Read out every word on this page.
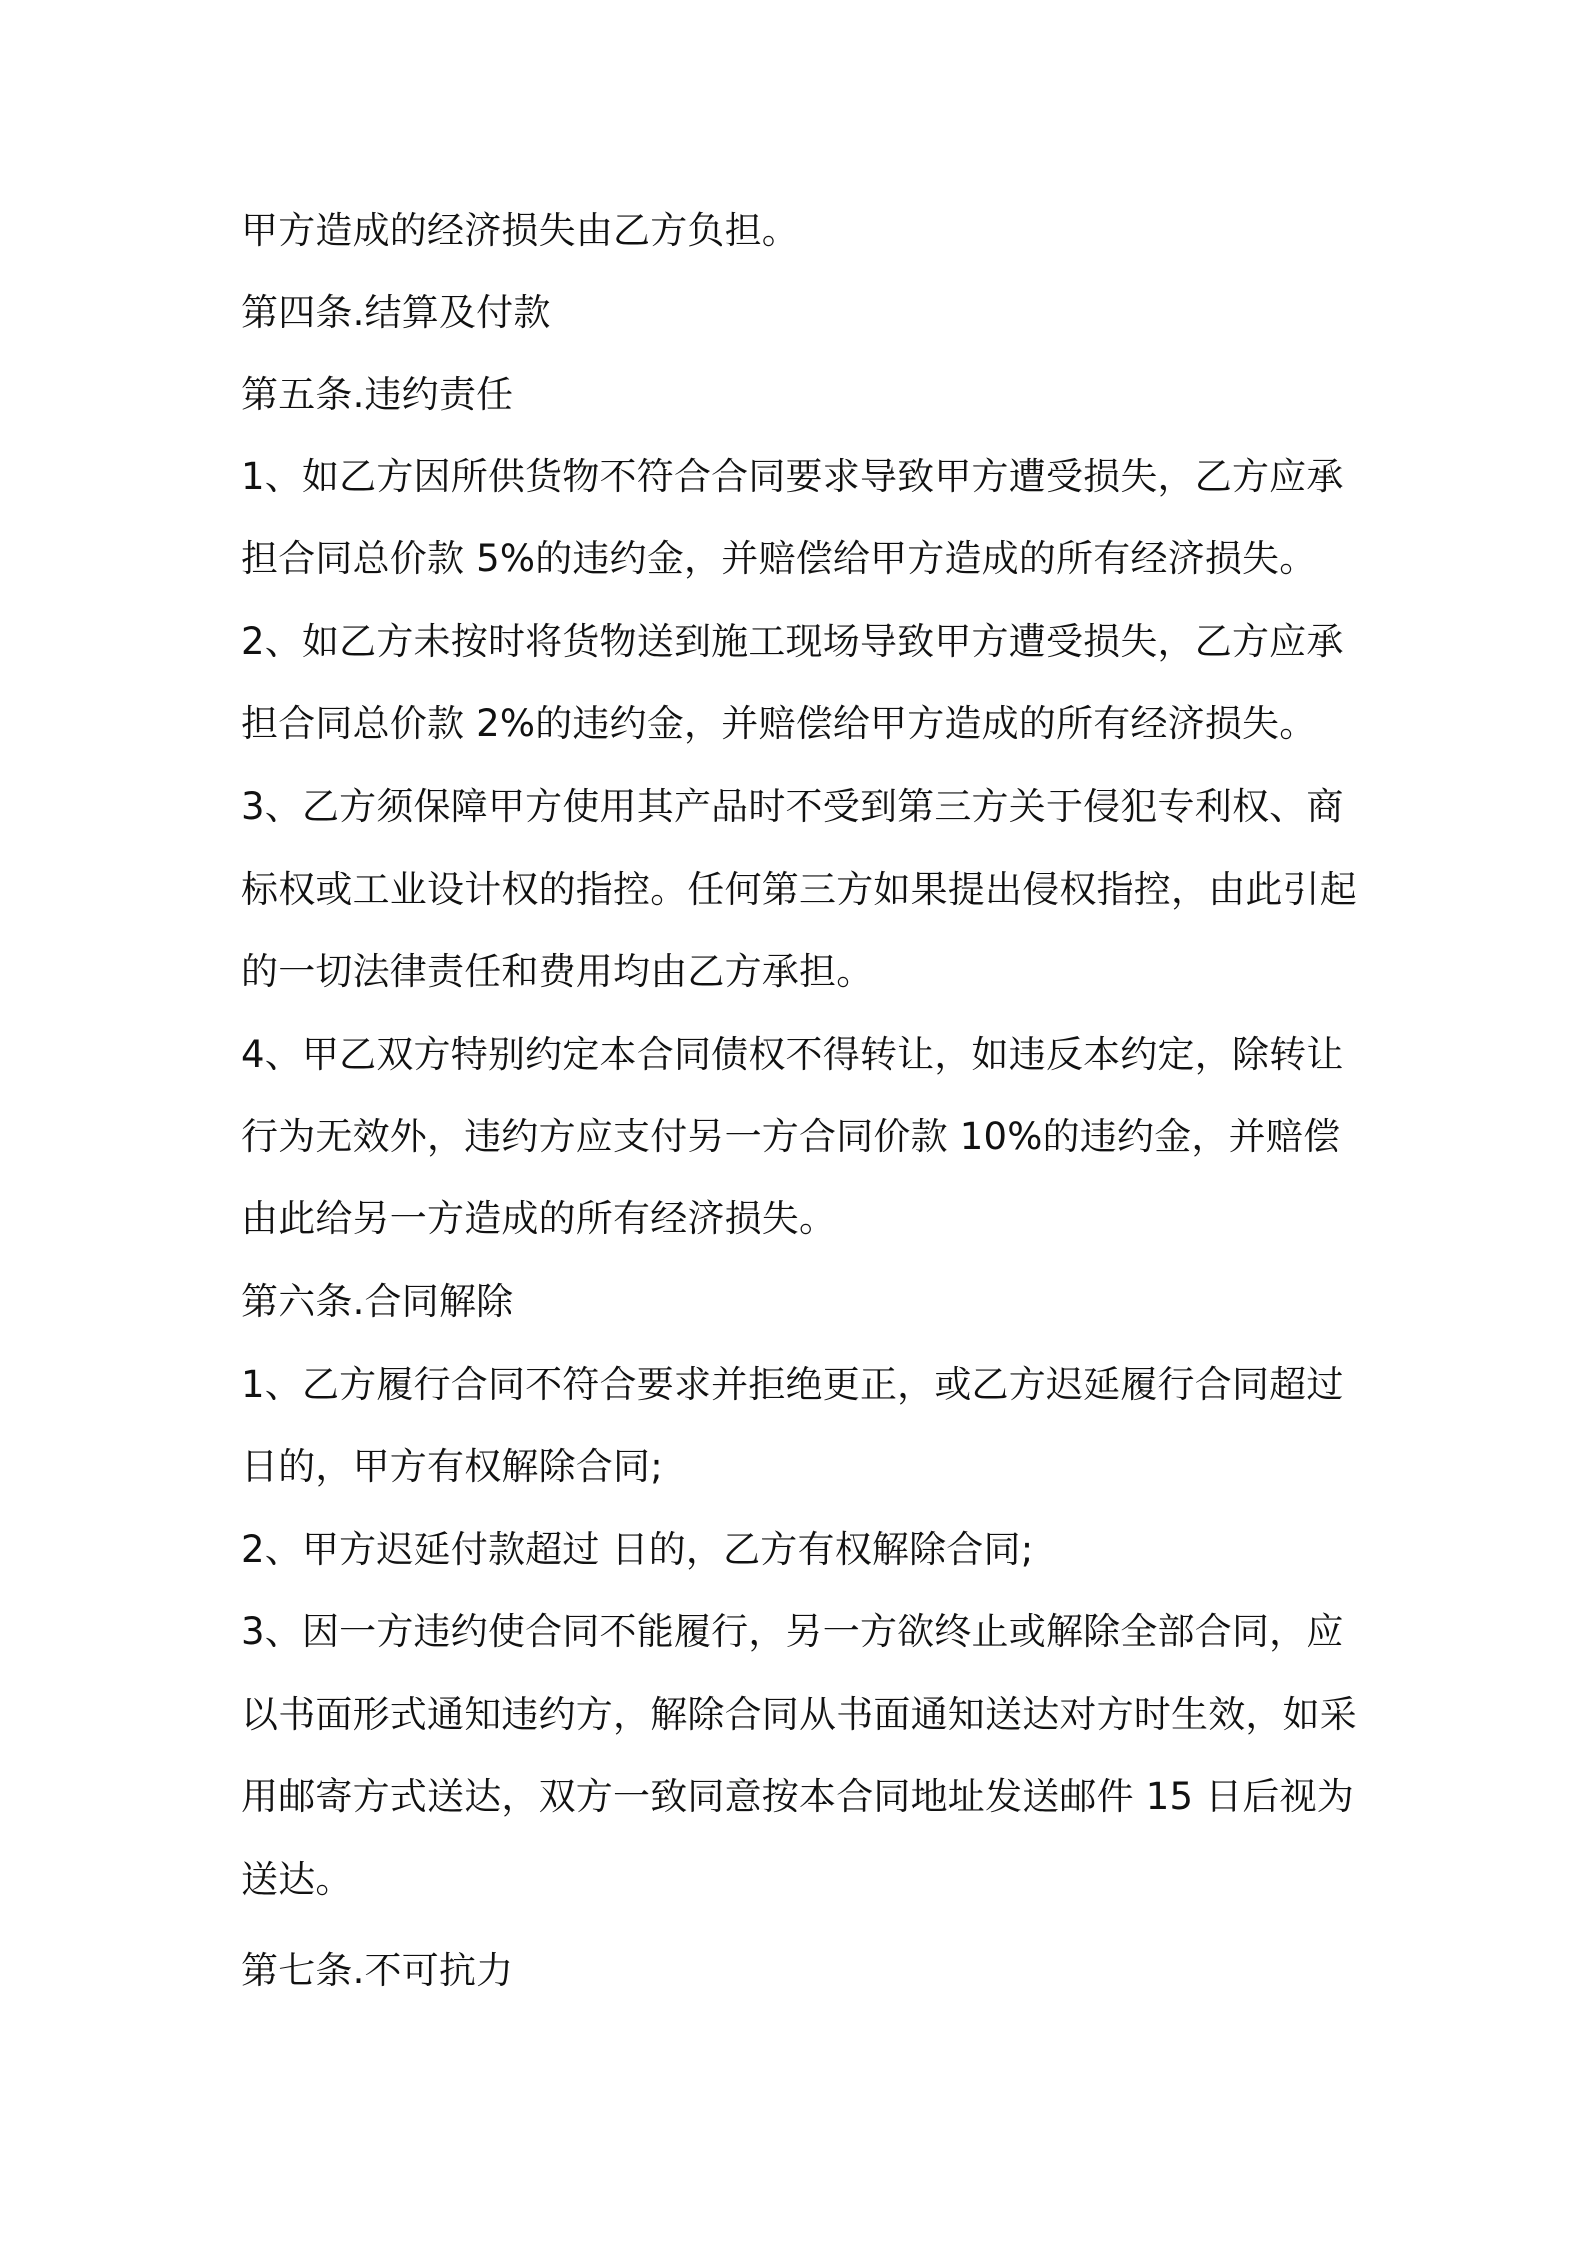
甲方造成的经济损失由乙方负担。

第四条.结算及付款

第五条.违约责任

1、如乙方因所供货物不符合合同要求导致甲方遭受损失，乙方应承

担合同总价款 5%的违约金，并赔偿给甲方造成的所有经济损失。

2、如乙方未按时将货物送到施工现场导致甲方遭受损失，乙方应承

担合同总价款 2%的违约金，并赔偿给甲方造成的所有经济损失。

3、乙方须保障甲方使用其产品时不受到第三方关于侵犯专利权、商

标权或工业设计权的指控。任何第三方如果提出侵权指控，由此引起

的一切法律责任和费用均由乙方承担。

4、甲乙双方特别约定本合同债权不得转让，如违反本约定，除转让

行为无效外，违约方应支付另一方合同价款 10%的违约金，并赔偿

由此给另一方造成的所有经济损失。

第六条.合同解除

1、乙方履行合同不符合要求并拒绝更正，或乙方迟延履行合同超过

日的，甲方有权解除合同;

2、甲方迟延付款超过 日的，乙方有权解除合同;

3、因一方违约使合同不能履行，另一方欲终止或解除全部合同，应

以书面形式通知违约方，解除合同从书面通知送达对方时生效，如采

用邮寄方式送达，双方一致同意按本合同地址发送邮件 15 日后视为

送达。

第七条.不可抗力
